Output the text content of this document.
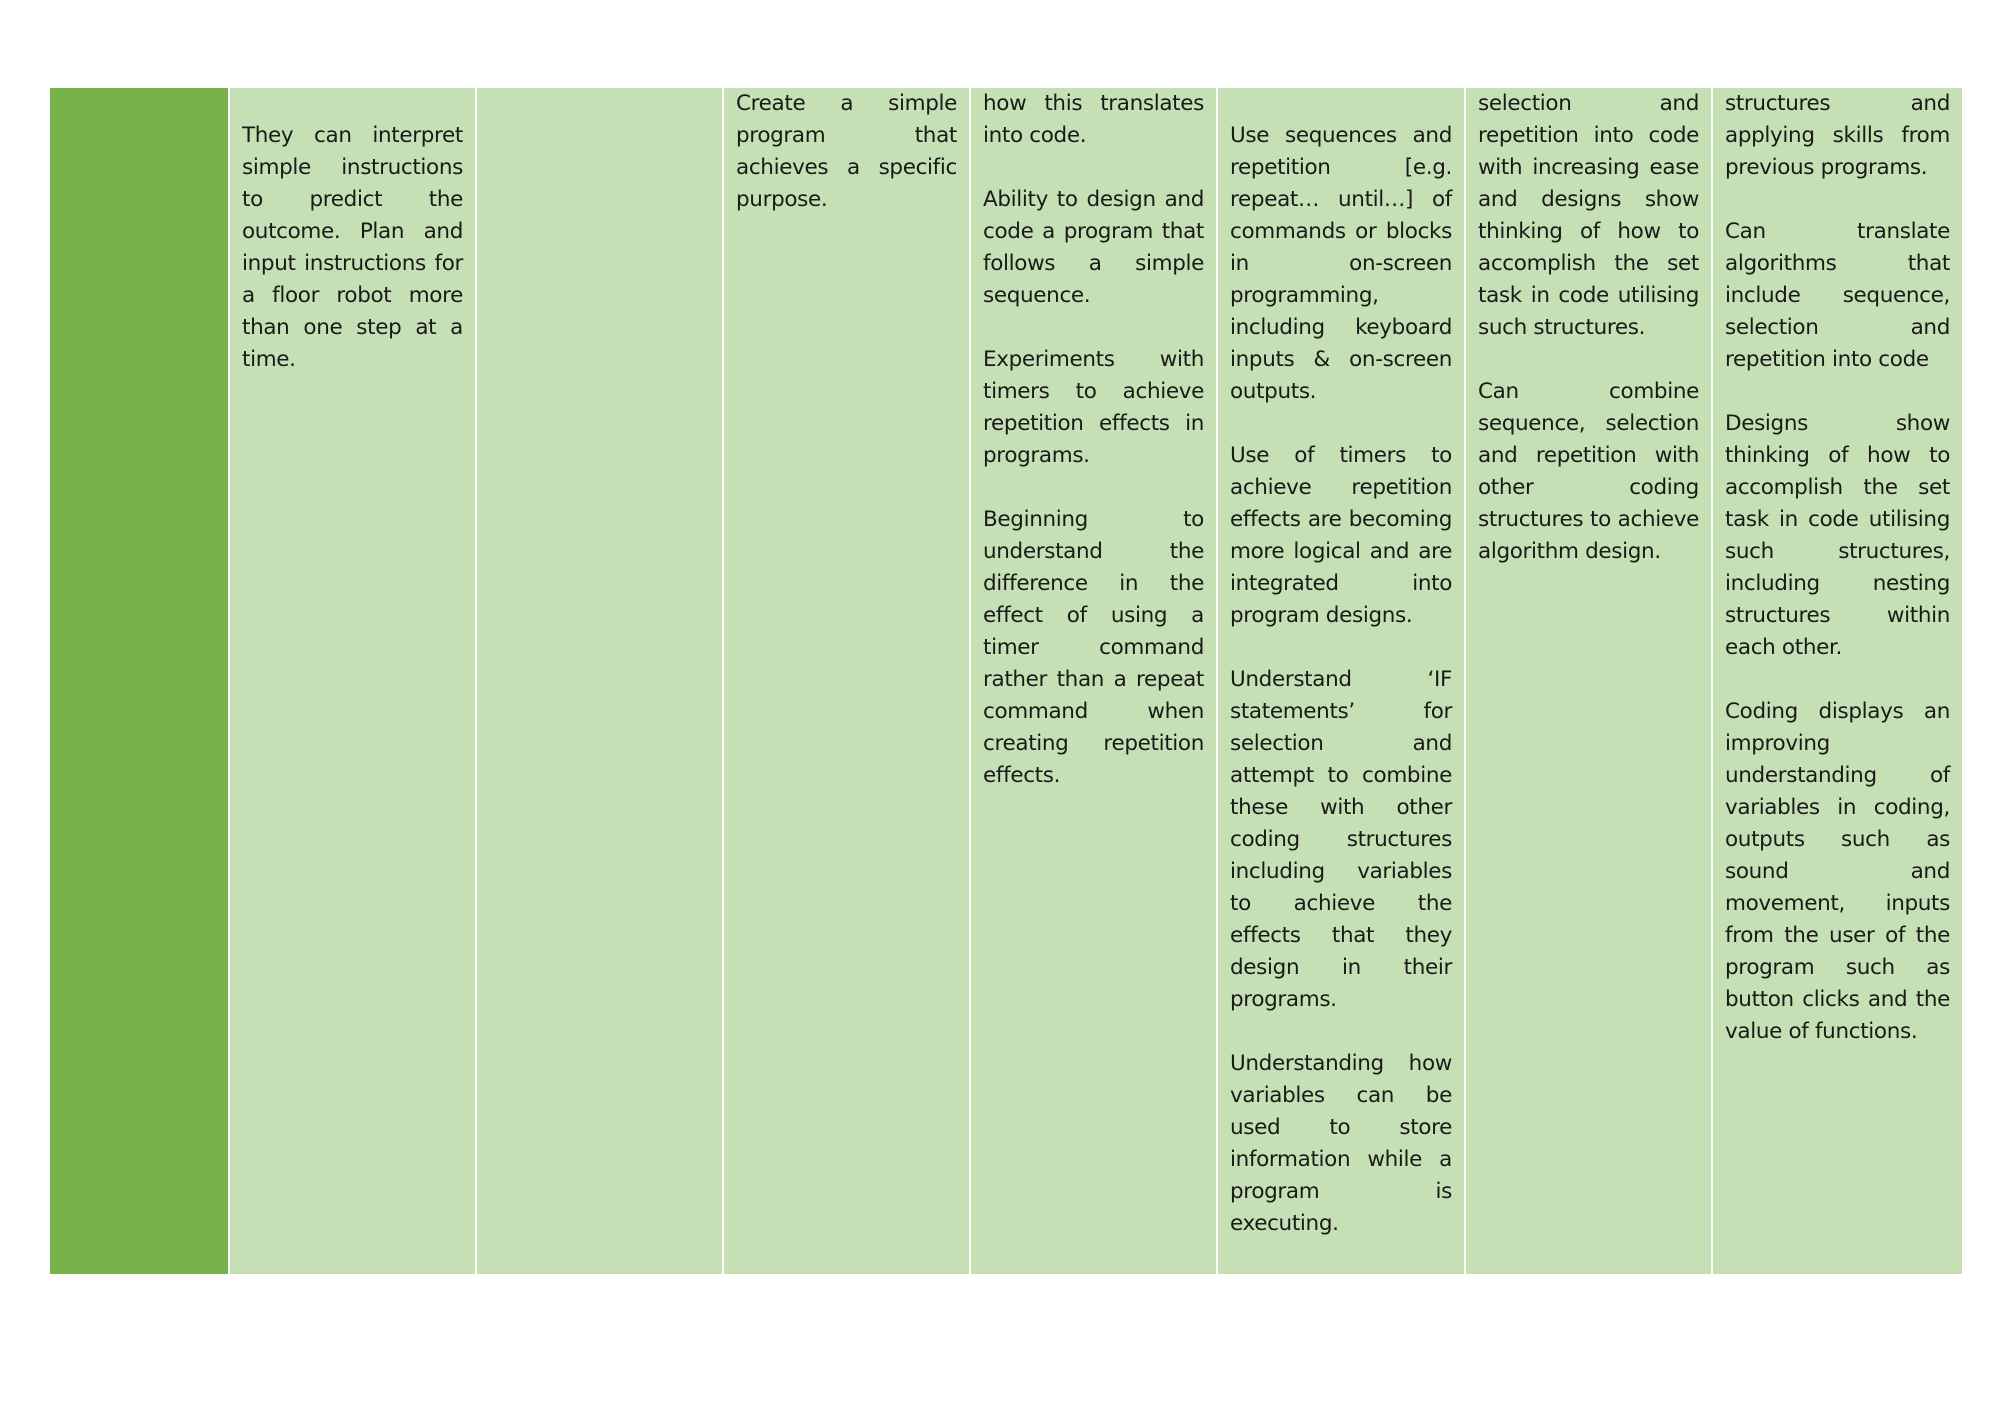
They can interpret simple instructions to predict the outcome. Plan and input instructions for a floor robot more than one step at a time.

Create a simple program that achieves a specific purpose.

how this translates into code.

Ability to design and code a program that follows a simple sequence.

Experiments with timers to achieve repetition effects in programs.

Beginning to understand the difference in the effect of using a timer command rather than a repeat command when creating repetition effects.

Use sequences and repetition [e.g. repeat… until…] of commands or blocks in on-screen programming, including keyboard inputs & on-screen outputs.

Use of timers to achieve repetition effects are becoming more logical and are integrated into program designs.

Understand ‘IF statements’ for selection and attempt to combine these with other coding structures including variables to achieve the effects that they design in their programs.

Understanding how variables can be used to store information while a program is executing.

selection and repetition into code with increasing ease and designs show thinking of how to accomplish the set task in code utilising such structures.

Can combine sequence, selection and repetition with other coding structures to achieve algorithm design.

structures and applying skills from previous programs.

Can translate algorithms that include sequence, selection and repetition into code

Designs show thinking of how to accomplish the set task in code utilising such structures, including nesting structures within each other.

Coding displays an improving understanding of variables in coding, outputs such as sound and movement, inputs from the user of the program such as button clicks and the value of functions.
